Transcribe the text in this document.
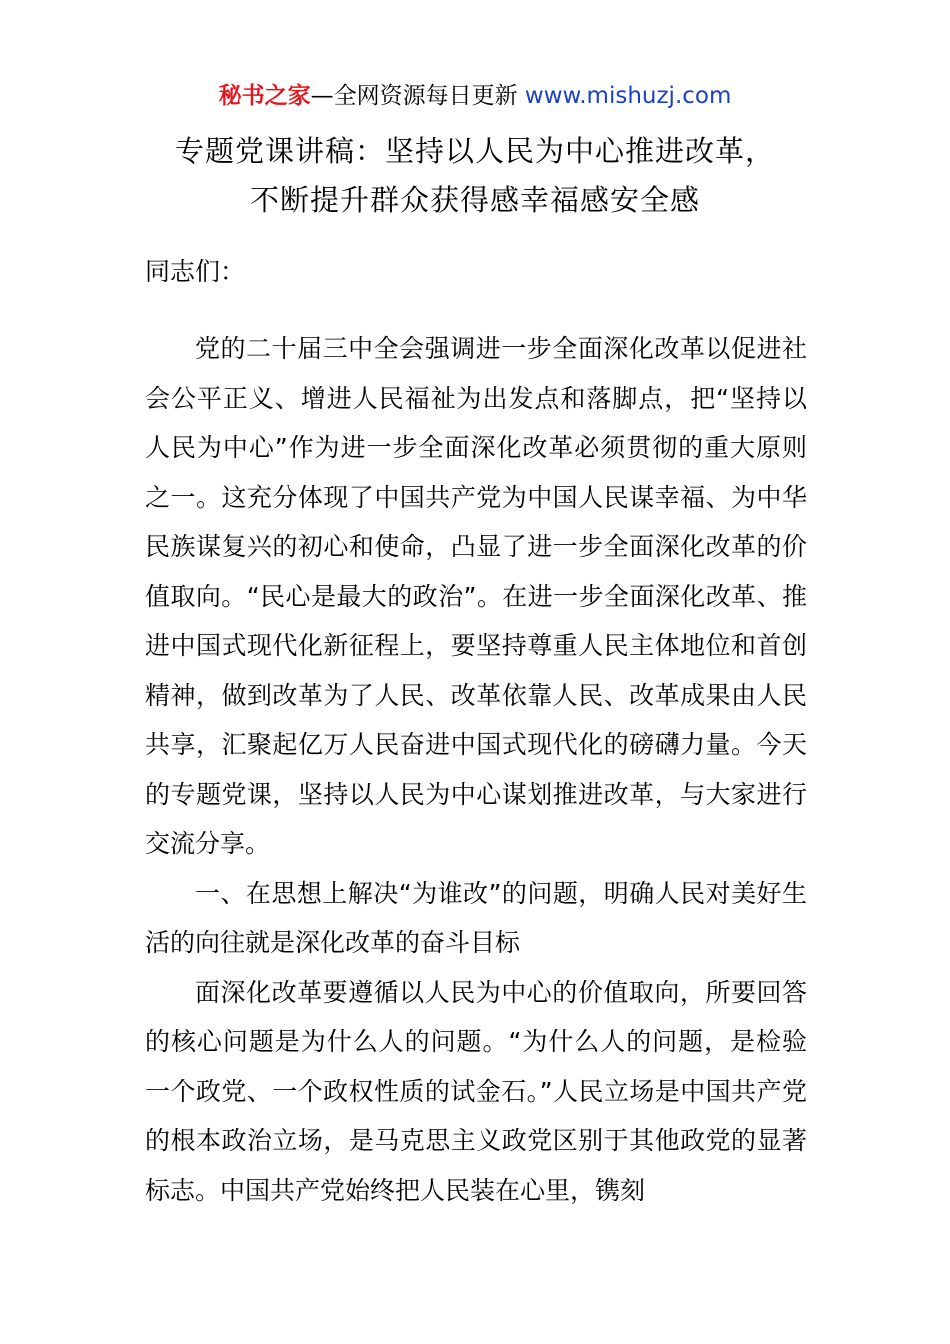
秘书之家—全网资源每日更新 www.mishuzj.com
专题党课讲稿：坚持以人民为中心推进改革，
不断提升群众获得感幸福感安全感
同志们：

党的二十届三中全会强调进一步全面深化改革以促进社会公平正义、增进人民福祉为出发点和落脚点，把“坚持以人民为中心”作为进一步全面深化改革必须贯彻的重大原则之一。这充分体现了中国共产党为中国人民谋幸福、为中华民族谋复兴的初心和使命，凸显了进一步全面深化改革的价值取向。“民心是最大的政治”。在进一步全面深化改革、推进中国式现代化新征程上，要坚持尊重人民主体地位和首创精神，做到改革为了人民、改革依靠人民、改革成果由人民共享，汇聚起亿万人民奋进中国式现代化的磅礴力量。今天的专题党课，坚持以人民为中心谋划推进改革，与大家进行交流分享。

一、在思想上解决“为谁改”的问题，明确人民对美好生活的向往就是深化改革的奋斗目标

面深化改革要遵循以人民为中心的价值取向，所要回答的核心问题是为什么人的问题。“为什么人的问题，是检验一个政党、一个政权性质的试金石。”人民立场是中国共产党的根本政治立场，是马克思主义政党区别于其他政党的显著标志。中国共产党始终把人民装在心里，镌刻
